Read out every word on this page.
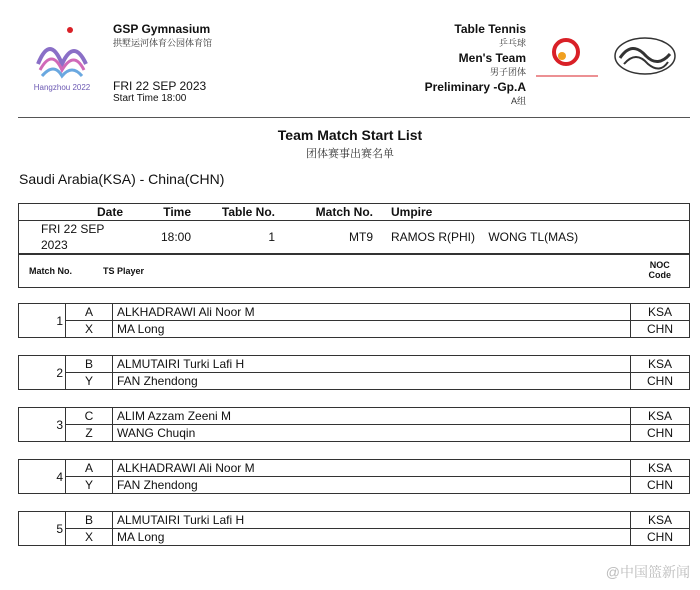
Hangzhou 2022
GSP Gymnasium
拱墅运河体育公园体育馆
FRI 22 SEP 2023
Start Time 18:00
Table Tennis
乒乓球
Men's Team
男子团体
Preliminary -Gp.A
A组
Team Match Start List
团体赛事出赛名单
Saudi Arabia(KSA) - China(CHN)
Date	Time	Table No.	Match No.	Umpire
FRI 22 SEP 2023	18:00	1	MT9	RAMOS R(PHI) WONG TL(MAS)
Match No.	TS Player
NOC
Code
1	A	ALKHADRAWI Ali Noor M	KSA
	X	MA Long	CHN
2	B	ALMUTAIRI Turki Lafi H	KSA
	Y	FAN Zhendong	CHN
3	C	ALIM Azzam Zeeni M	KSA
	Z	WANG Chuqin	CHN
4	A	ALKHADRAWI Ali Noor M	KSA
	Y	FAN Zhendong	CHN
5	B	ALMUTAIRI Turki Lafi H	KSA
	X	MA Long	CHN
@中国篮新闻
